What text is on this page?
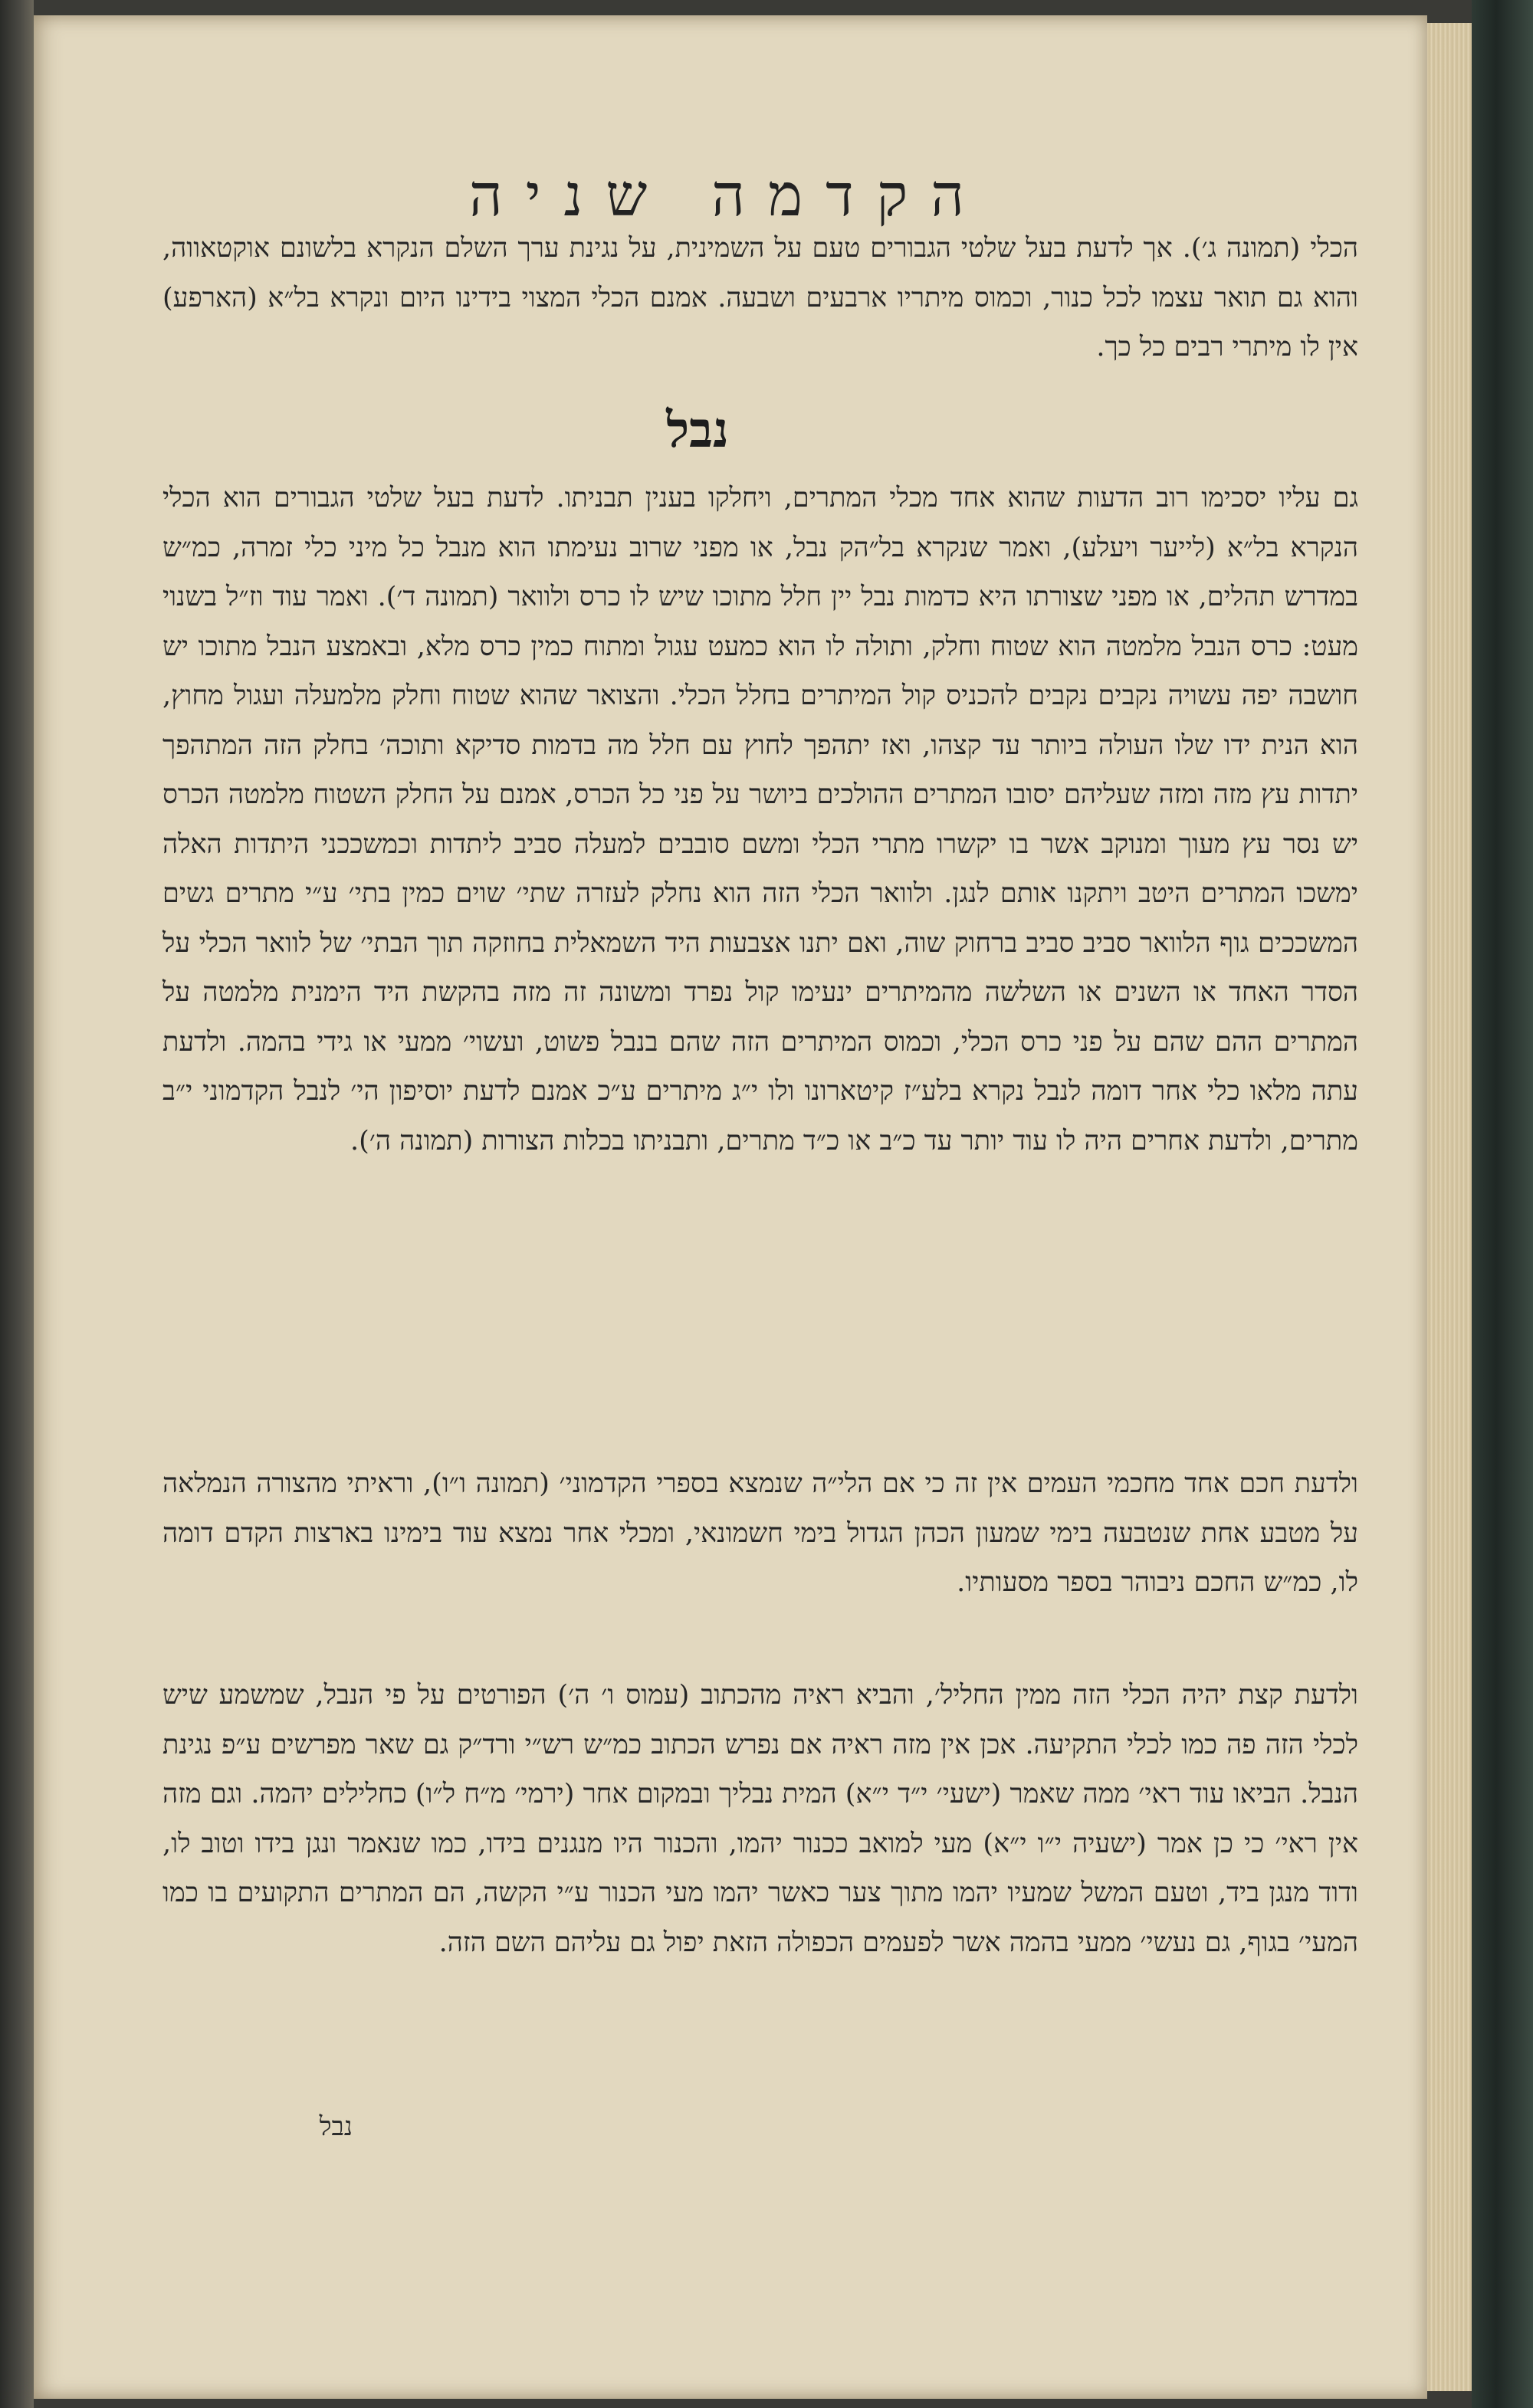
הקדמה שניה
נבל

הכלי (תמונה ג׳). אך לדעת בעל שלטי הגבורים טעם על השמינית, על נגינת ערך השלם הנקרא בלשונם אוקטאווה, והוא גם תואר עצמו לכל כנור, וכמוס מיתריו ארבעים ושבעה. אמנם הכלי המצוי בידינו היום ונקרא בל״א (הארפע) אין לו מיתרי רבים כל כך.

גם עליו יסכימו רוב הדעות שהוא אחד מכלי המתרים, ויחלקו בענין תבניתו. לדעת בעל שלטי הגבורים הוא הכלי הנקרא בל״א (לייער ויעלע), ואמר שנקרא בל״הק נבל, או מפני שרוב נעימתו הוא מנבל כל מיני כלי זמרה, כמ״ש במדרש תהלים, או מפני שצורתו היא כדמות נבל יין חלל מתוכו שיש לו כרס ולוואר (תמונה ד׳). ואמר עוד וז״ל בשנוי מעט: כרס הנבל מלמטה הוא שטוח וחלק, ותולה לו הוא כמעט עגול ומתוח כמין כרס מלא, ובאמצע הנבל מתוכו יש חושבה יפה עשויה נקבים נקבים להכניס קול המיתרים בחלל הכלי. והצואר שהוא שטוח וחלק מלמעלה ועגול מחוץ, הוא הנית ידו שלו העולה ביותר עד קצהו, ואז יתהפך לחוץ עם חלל מה בדמות סדיקא ותוכה׳ בחלק הזה המתהפך יתדות עץ מזה ומזה שעליהם יסובו המתרים ההולכים ביושר על פני כל הכרס, אמנם על החלק השטוח מלמטה הכרס יש נסר עץ מעוך ומנוקב אשר בו יקשרו מתרי הכלי ומשם סובבים למעלה סביב ליתדות וכמשככני היתדות האלה ימשכו המתרים היטב ויתקנו אותם לנגן. ולוואר הכלי הזה הוא נחלק לעזרה שתי׳ שוים כמין בתי׳ ע״י מתרים גשים המשככים גוף הלוואר סביב סביב ברחוק שוה, ואם יתנו אצבעות היד השמאלית בחוזקה תוך הבתי׳ של לוואר הכלי על הסדר האחד או השנים או השלשה מהמיתרים ינעימו קול נפרד ומשונה זה מזה בהקשת היד הימנית מלמטה על המתרים ההם שהם על פני כרס הכלי, וכמוס המיתרים הזה שהם בנבל פשוט, ועשוי׳ ממעי או גידי בהמה. ולדעת עתה מלאו כלי אחר דומה לנבל נקרא בלע״ז קיטארונו ולו י״ג מיתרים ע״כ אמנם לדעת יוסיפון הי׳ לנבל הקדמוני י״ב מתרים, ולדעת אחרים היה לו עוד יותר עד כ״ב או כ״ד מתרים, ותבניתו בכלות הצורות (תמונה ה׳).

ולדעת חכם אחד מחכמי העמים אין זה כי אם הלי״ה שנמצא בספרי הקדמוני׳ (תמונה ו״ו), וראיתי מהצורה הנמלאה על מטבע אחת שנטבעה בימי שמעון הכהן הגדול בימי חשמונאי, ומכלי אחר נמצא עוד בימינו בארצות הקדם דומה לו, כמ״ש החכם ניבוהר בספר מסעותיו.

ולדעת קצת יהיה הכלי הזה ממין החליל׳, והביא ראיה מהכתוב (עמוס ו׳ ה׳) הפורטים על פי הנבל, שמשמע שיש לכלי הזה פה כמו לכלי התקיעה. אכן אין מזה ראיה אם נפרש הכתוב כמ״ש רש״י ורד״ק גם שאר מפרשים ע״פ נגינת הנבל. הביאו עוד ראי׳ ממה שאמר (ישעי׳ י״ד י״א) המית נבליך ובמקום אחר (ירמי׳ מ״ח ל״ו) כחלילים יהמה. וגם מזה אין ראי׳ כי כן אמר (ישעיה י״ו י״א) מעי למואב ככנור יהמו, והכנור היו מנגנים בידו, כמו שנאמר ונגן בידו וטוב לו, ודוד מנגן ביד, וטעם המשל שמעיו יהמו מתוך צער כאשר יהמו מעי הכנור ע״י הקשה, הם המתרים התקועים בו כמו המעי׳ בגוף, גם נעשי׳ ממעי בהמה אשר לפעמים הכפולה הזאת יפול גם עליהם השם הזה.

נבל
